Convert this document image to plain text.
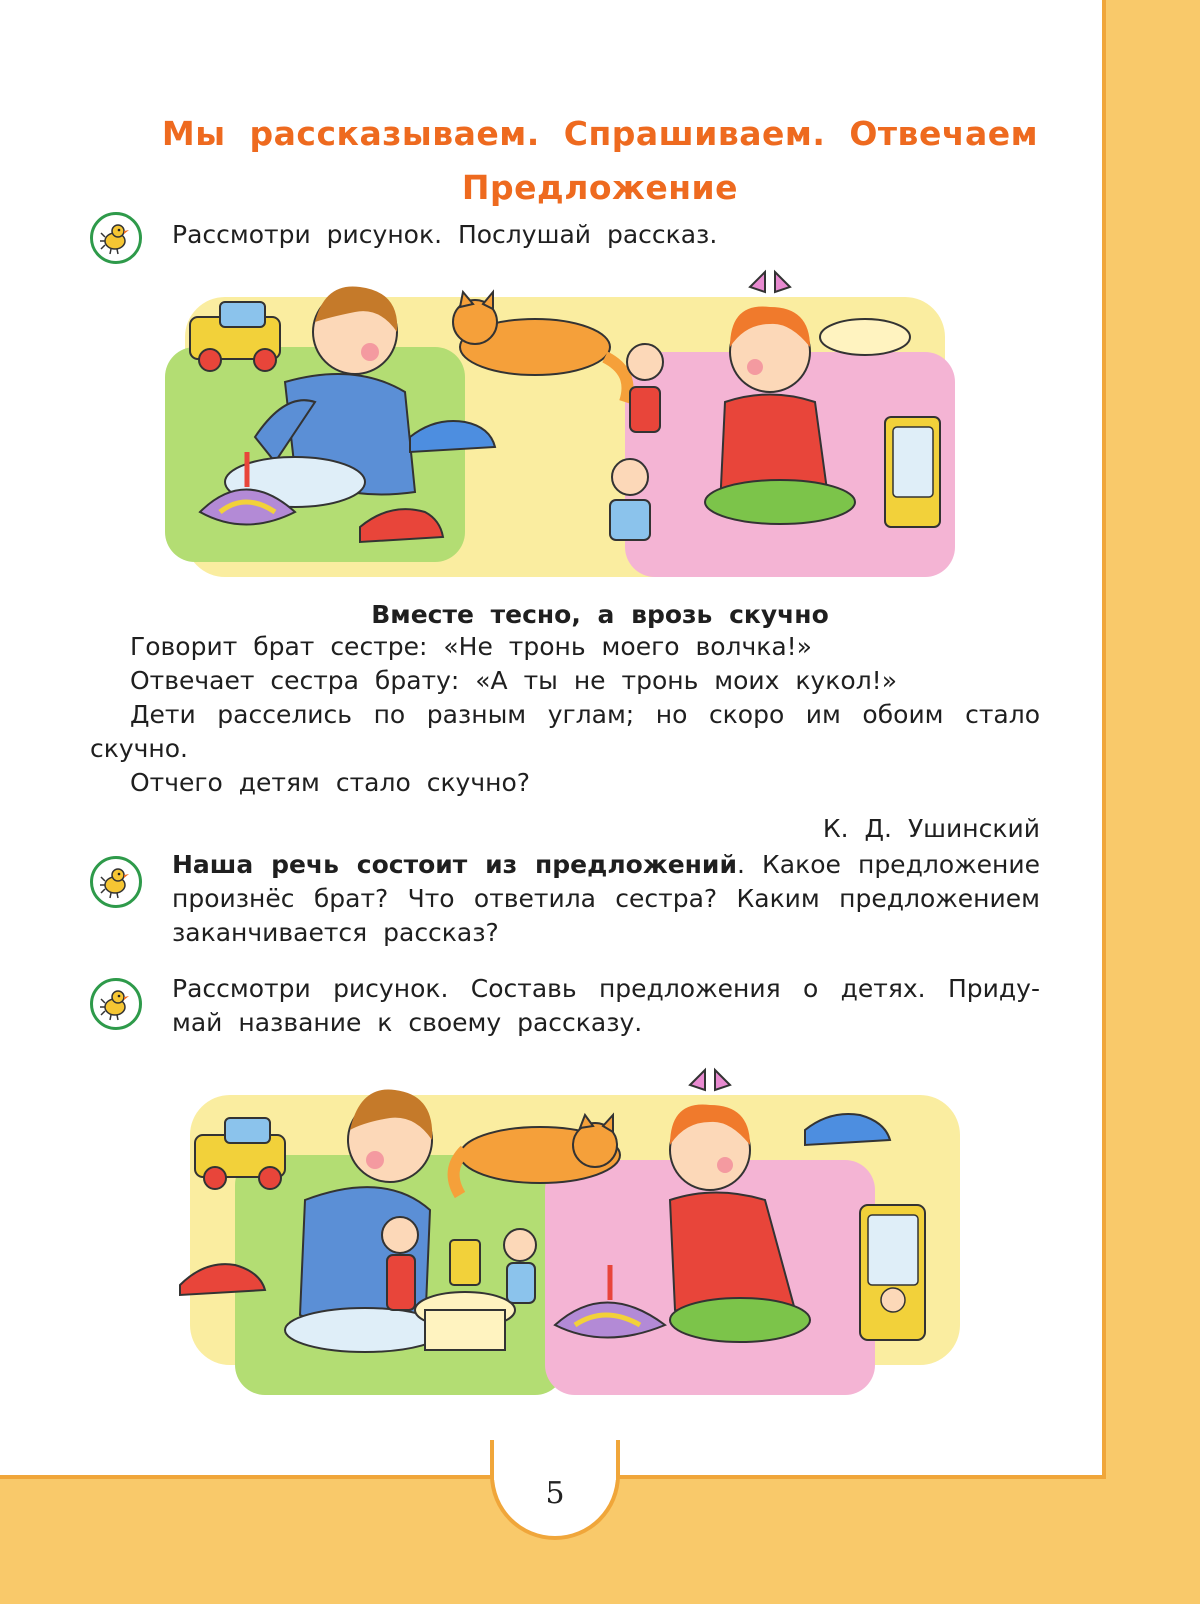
5
Мы рассказываем. Спрашиваем. Отвечаем
Предложение
Рассмотри рисунок. Послушай рассказ.
Вместе тесно, а врозь скучно
Говорит брат сестре: «Не тронь моего волчка!»
Отвечает сестра брату: «А ты не тронь моих кукол!»
Дети расселись по разным углам; но скоро им обоим стало скучно.
Отчего детям стало скучно?
К. Д. Ушинский
Наша речь состоит из предложений. Какое предложение произнёс брат? Что ответила сестра? Каким предложением заканчивается рассказ?
Рассмотри рисунок. Составь предложения о детях. Приду-май название к своему рассказу.
